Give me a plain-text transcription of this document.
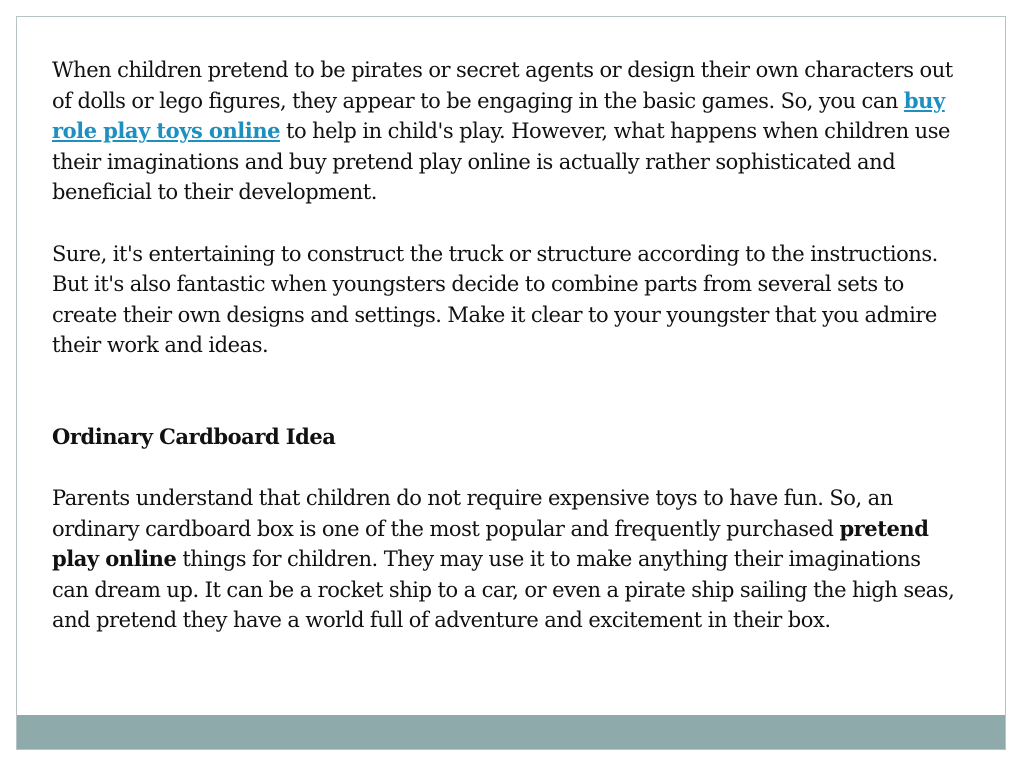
When children pretend to be pirates or secret agents or design their own characters out of dolls or lego figures, they appear to be engaging in the basic games. So, you can buy role play toys online to help in child's play. However, what happens when children use their imaginations and buy pretend play online is actually rather sophisticated and beneficial to their development.

Sure, it's entertaining to construct the truck or structure according to the instructions. But it's also fantastic when youngsters decide to combine parts from several sets to create their own designs and settings. Make it clear to your youngster that you admire their work and ideas.

Ordinary Cardboard Idea

Parents understand that children do not require expensive toys to have fun. So, an ordinary cardboard box is one of the most popular and frequently purchased pretend play online things for children. They may use it to make anything their imaginations can dream up. It can be a rocket ship to a car, or even a pirate ship sailing the high seas, and pretend they have a world full of adventure and excitement in their box.
